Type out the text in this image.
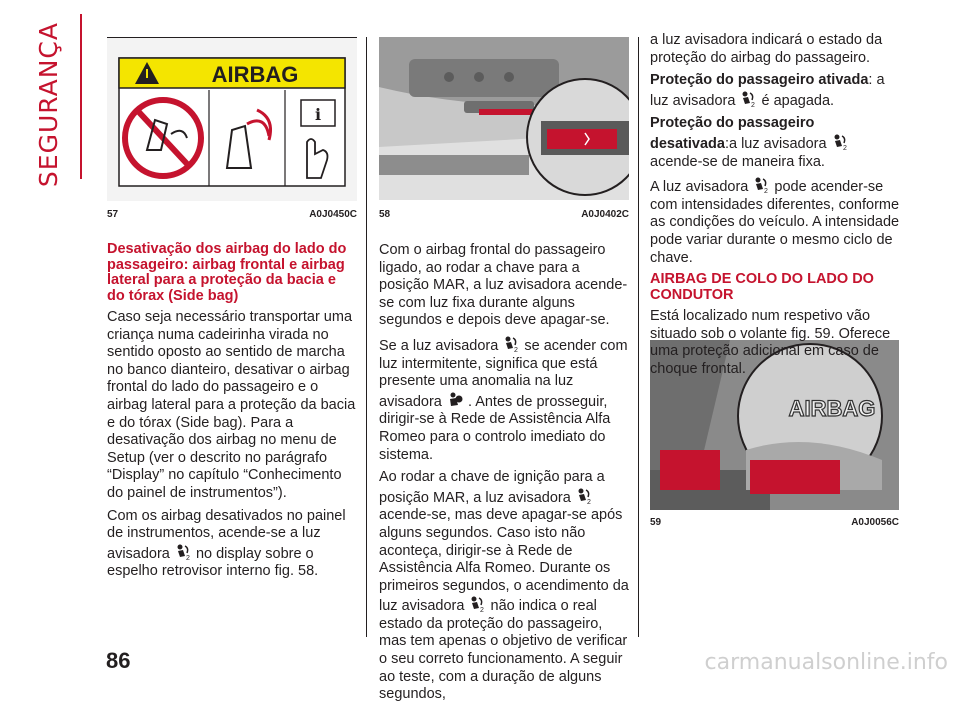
SEGURANÇA	AIRBAG
i
57	A0J0450C 58	A0J0402C
AIRBAG
59	A0J0056C

Desativação dos airbag do lado do passageiro: airbag frontal e airbag lateral para a proteção da bacia e do tórax (Side bag)

Caso seja necessário transportar uma criança numa cadeirinha virada no sentido oposto ao sentido de marcha no banco dianteiro, desativar o airbag frontal do lado do passageiro e o airbag lateral para a proteção da bacia e do tórax (Side bag). Para a desativação dos airbag no menu de Setup (ver o descrito no parágrafo “Display” no capítulo “Conhecimento do painel de instrumentos”).

Com os airbag desativados no painel de instrumentos, acende-se a luz avisadora 2 no display sobre o espelho retrovisor interno fig. 58.

Com o airbag frontal do passageiro ligado, ao rodar a chave para a posição MAR, a luz avisadora acende-se com luz fixa durante alguns segundos e depois deve apagar-se.

Se a luz avisadora 2 se acender com luz intermitente, significa que está presente uma anomalia na luz avisadora . Antes de prosseguir, dirigir-se à Rede de Assistência Alfa Romeo para o controlo imediato do sistema.

Ao rodar a chave de ignição para a posição MAR, a luz avisadora 2
acende-se, mas deve apagar-se após alguns segundos. Caso isto não aconteça, dirigir-se à Rede de Assistência Alfa Romeo. Durante os primeiros segundos, o acendimento da luz avisadora 2 não indica o real estado da proteção do passageiro, mas tem apenas o objetivo de verificar o seu correto funcionamento. A seguir ao teste, com a duração de alguns segundos,

a luz avisadora indicará o estado da proteção do airbag do passageiro.

Proteção do passageiro ativada: a luz avisadora 2 é apagada.

Proteção do passageiro desativada:a luz avisadora 2
acende-se de maneira fixa.

A luz avisadora 2 pode acender-se com intensidades diferentes, conforme as condições do veículo. A intensidade pode variar durante o mesmo ciclo de chave.

AIRBAG DE COLO DO LADO DO CONDUTOR

Está localizado num respetivo vão situado sob o volante fig. 59. Oferece uma proteção adicional em caso de choque frontal.

86	carmanualsonline.info
